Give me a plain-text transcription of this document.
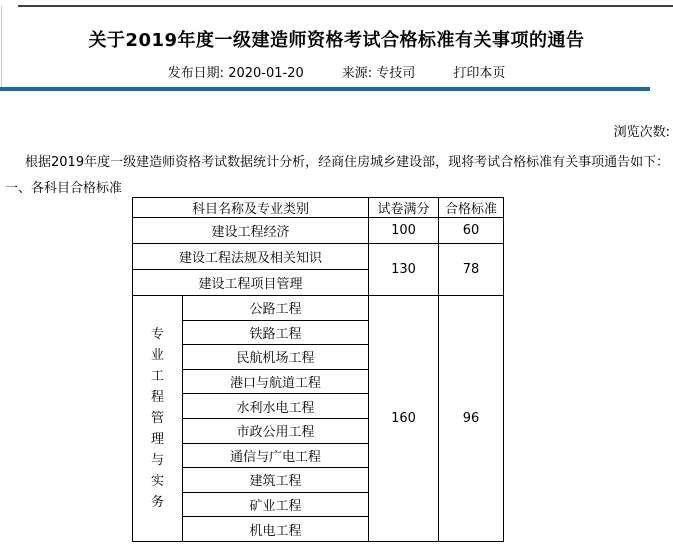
关于2019年度一级建造师资格考试合格标准有关事项的通告
发布日期: 2020-01-20	来源: 专技司	打印本页
浏览次数:

根据2019年度一级建造师资格考试数据统计分析，经商住房城乡建设部，现将考试合格标准有关事项通告如下：

一、各科目合格标准
科目名称及专业类别		试卷满分	合格标准
建设工程经济		100	60
建设工程法规及相关知识		130	78
建设工程项目管理			
专业工程管理与实务	公路工程	160	96
	铁路工程		
	民航机场工程		
	港口与航道工程		
	水利水电工程		
	市政公用工程		
	通信与广电工程		
	建筑工程		
	矿业工程		
	机电工程		
